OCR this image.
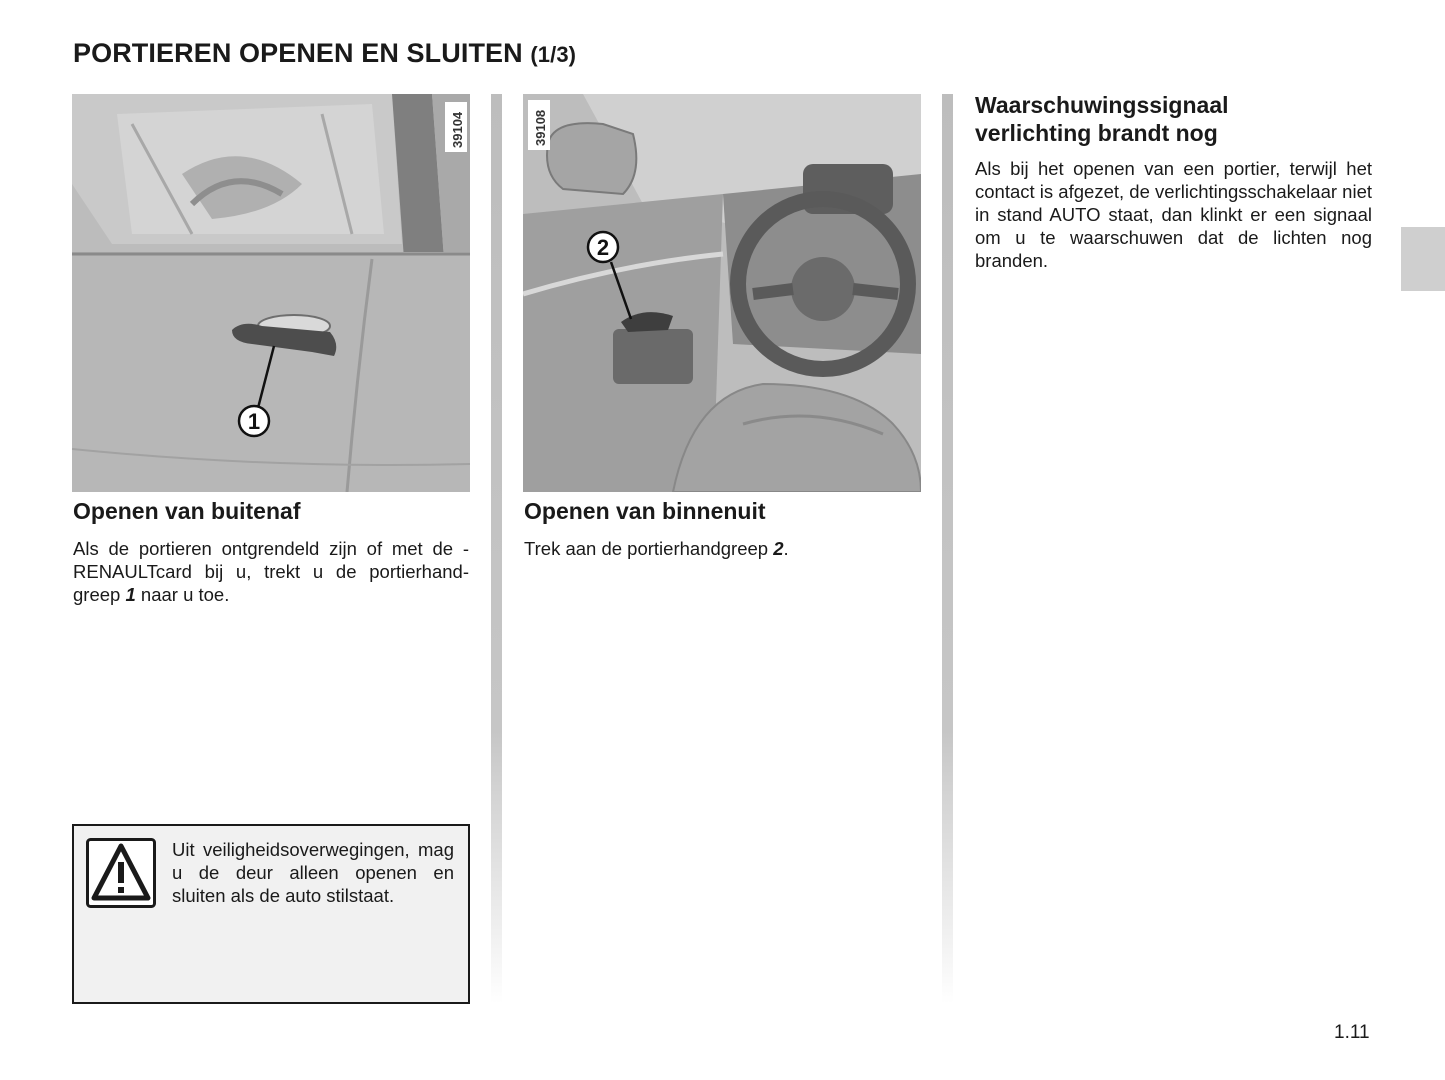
PORTIEREN OPENEN EN SLUITEN (1/3)
39104
1
39108
2
Openen van buitenaf

Als de portieren ontgrendeld zijn of met de -RENAULTcard bij u, trekt u de portierhand-greep 1 naar u toe.

Openen van binnenuit

Trek aan de portierhandgreep 2.

Waarschuwingssignaal
verlichting brandt nog

Als bij het openen van een portier, terwijl het contact is afgezet, de verlichtingsschakelaar niet in stand AUTO staat, dan klinkt er een signaal om u te waarschuwen dat de lichten nog branden.

Uit veiligheidsoverwegingen, mag u de deur alleen openen en sluiten als de auto stilstaat.

1.11
